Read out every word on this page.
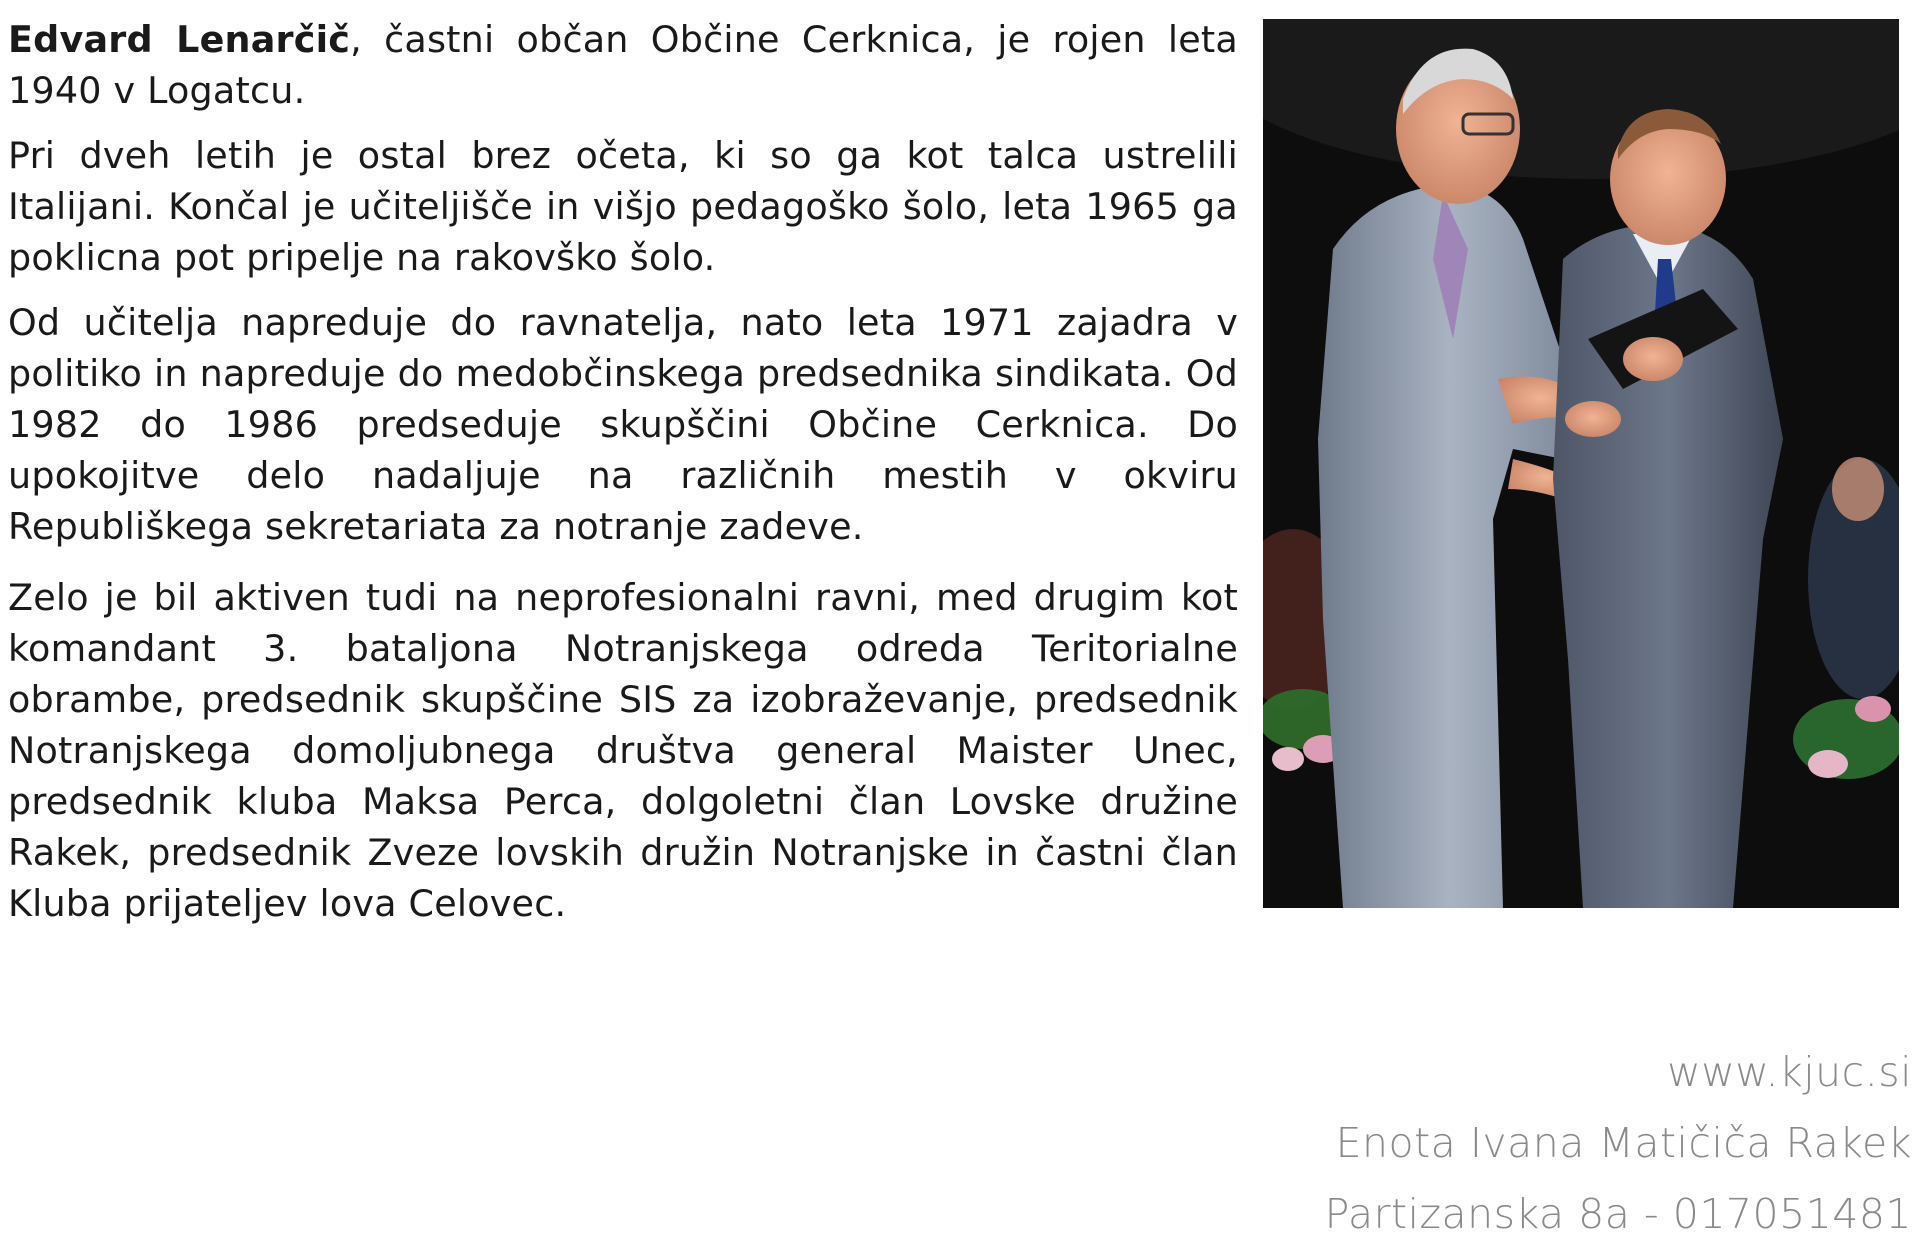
Edvard Lenarčič, častni občan Občine Cerknica, je rojen leta 1940 v Logatcu.

Pri dveh letih je ostal brez očeta, ki so ga kot talca ustrelili Italijani. Končal je učiteljišče in višjo pedagoško šolo, leta 1965 ga poklicna pot pripelje na rakovško šolo.

Od učitelja napreduje do ravnatelja, nato leta 1971 zajadra v politiko in napreduje do medobčinskega predsednika sindikata. Od 1982 do 1986 predseduje skupščini Občine Cerknica. Do upokojitve delo nadaljuje na različnih mestih v okviru Republiškega sekretariata za notranje zadeve.

Zelo je bil aktiven tudi na neprofesionalni ravni, med drugim kot komandant 3. bataljona Notranjskega odreda Teritorialne obrambe, predsednik skupščine SIS za izobraževanje, predsednik Notranjskega domoljubnega društva general Maister Unec, predsednik kluba Maksa Perca, dolgoletni član Lovske družine Rakek, predsednik Zveze lovskih družin Notranjske in častni član Kluba prijateljev lova Celovec.

www.kjuc.si
Enota Ivana Matičiča Rakek
Partizanska 8a - 017051481
